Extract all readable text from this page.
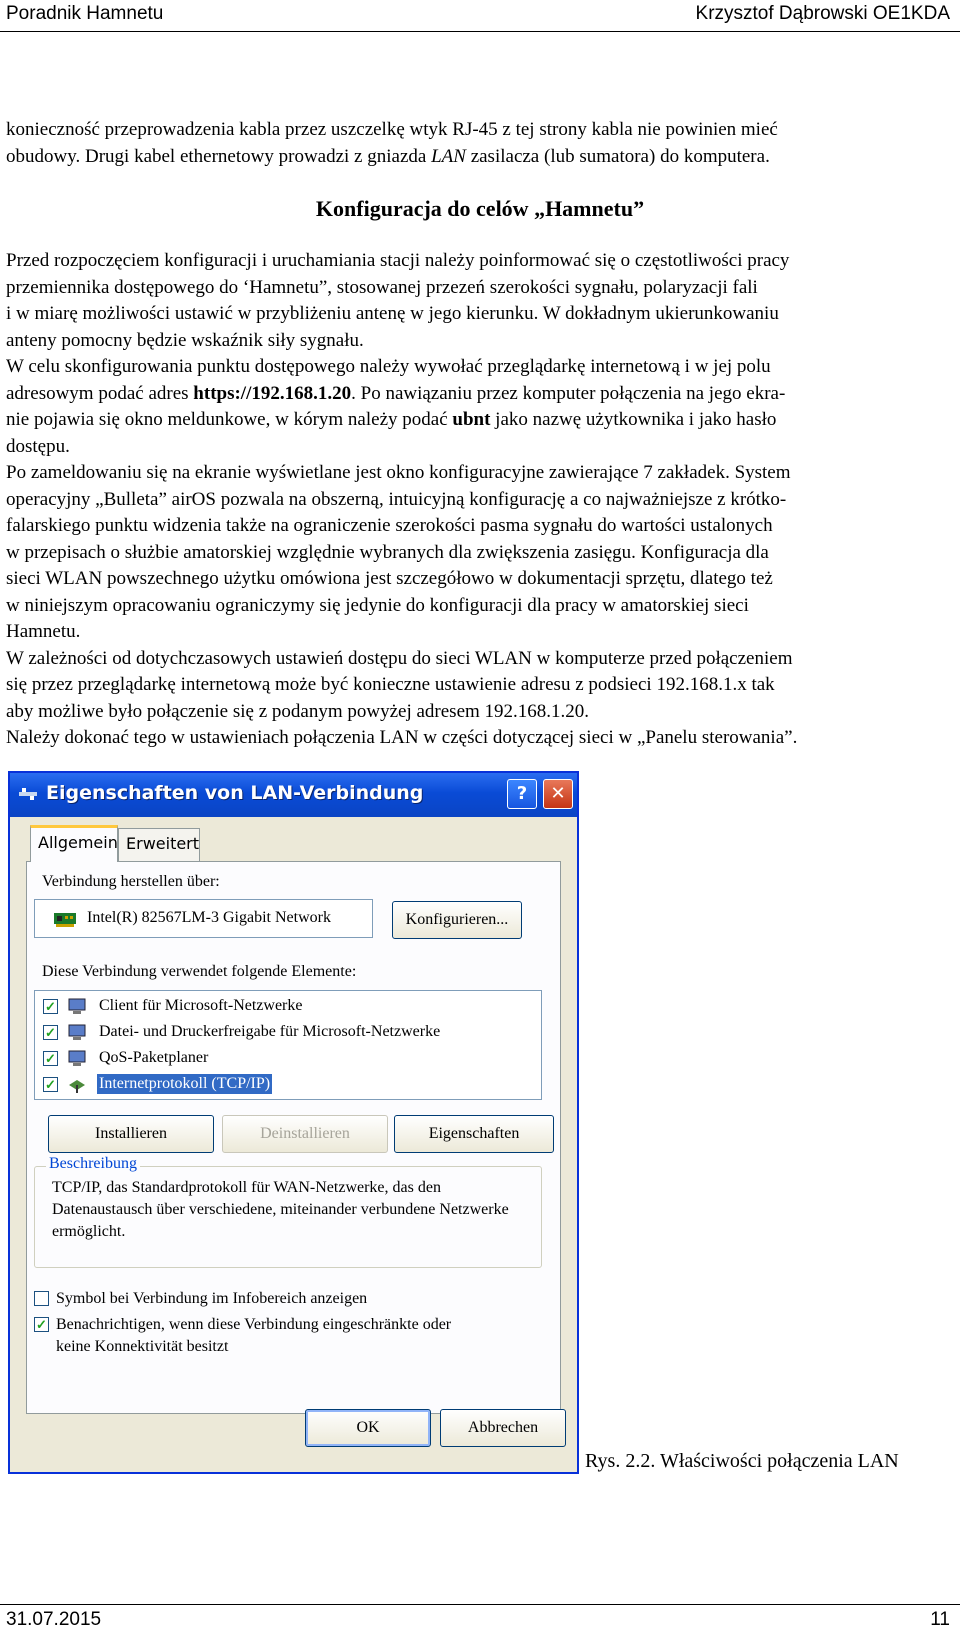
Poradnik Hamnetu	Krzysztof Dąbrowski OE1KDA
konieczność przeprowadzenia kabla przez uszczelkę wtyk RJ-45 z tej strony kabla nie powinien mieć
obudowy. Drugi kabel ethernetowy prowadzi z gniazda LAN zasilacza (lub sumatora) do komputera.
Konfiguracja do celów „Hamnetu”
Przed rozpoczęciem konfiguracji i uruchamiania stacji należy poinformować się o częstotliwości pracy
przemiennika dostępowego do ‘Hamnetu”, stosowanej przezeń szerokości sygnału, polaryzacji fali
i w miarę możliwości ustawić w przybliżeniu antenę w jego kierunku. W dokładnym ukierunkowaniu
anteny pomocny będzie wskaźnik siły sygnału.
W celu skonfigurowania punktu dostępowego należy wywołać przeglądarkę internetową i w jej polu
adresowym podać adres https://192.168.1.20. Po nawiązaniu przez komputer połączenia na jego ekra-
nie pojawia się okno meldunkowe, w kórym należy podać ubnt jako nazwę użytkownika i jako hasło
dostępu.
Po zameldowaniu się na ekranie wyświetlane jest okno konfiguracyjne zawierające 7 zakładek. System
operacyjny „Bulleta” airOS pozwala na obszerną, intuicyjną konfigurację a co najważniejsze z krótko-
falarskiego punktu widzenia także na ograniczenie szerokości pasma sygnału do wartości ustalonych
w przepisach o służbie amatorskiej względnie wybranych dla zwiększenia zasięgu. Konfiguracja dla
sieci WLAN powszechnego użytku omówiona jest szczegółowo w dokumentacji sprzętu, dlatego też
w niniejszym opracowaniu ograniczymy się jedynie do konfiguracji dla pracy w amatorskiej sieci
Hamnetu.
W zależności od dotychczasowych ustawień dostępu do sieci WLAN w komputerze przed połączeniem
się przez przeglądarkę internetową może być konieczne ustawienie adresu z podsieci 192.168.1.x tak
aby możliwe było połączenie się z podanym powyżej adresem 192.168.1.20.
Należy dokonać tego w ustawieniach połączenia LAN w części dotyczącej sieci w „Panelu sterowania”.
Eigenschaften von LAN-Verbindung	?	✕
Erweitert
Allgemein
Verbindung herstellen über:
Intel(R) 82567LM-3 Gigabit Network	Konfigurieren...
Diese Verbindung verwendet folgende Elemente:
✓	Client für Microsoft-Netzwerke
✓	Datei- und Druckerfreigabe für Microsoft-Netzwerke
✓	QoS-Paketplaner
✓	Internetprotokoll (TCP/IP)
Installieren	Deinstallieren	Eigenschaften
Beschreibung
TCP/IP, das Standardprotokoll für WAN-Netzwerke, das den Datenaustausch über verschiedene, miteinander verbundene Netzwerke ermöglicht.
Symbol bei Verbindung im Infobereich anzeigen
✓ Benachrichtigen, wenn diese Verbindung eingeschränkte oder
keine Konnektivität besitzt
OK	Abbrechen
Rys. 2.2. Właściwości połączenia LAN
31.07.2015	11
